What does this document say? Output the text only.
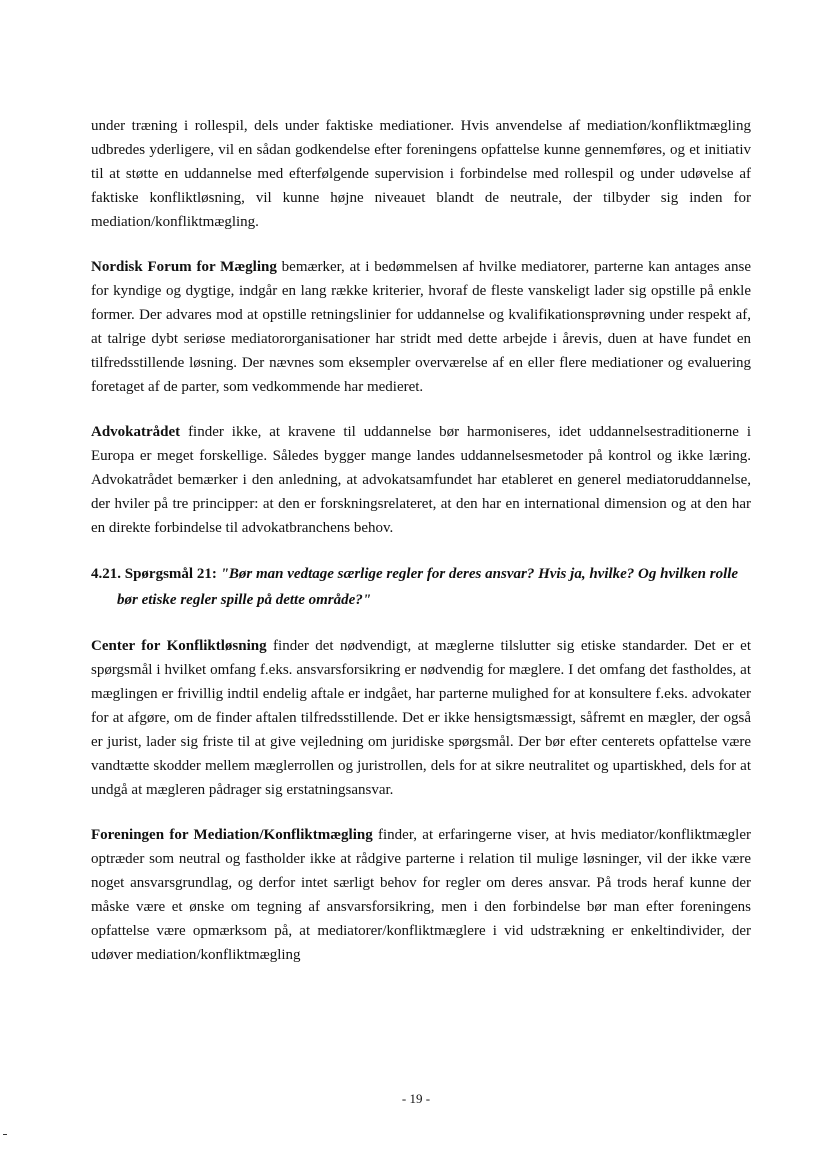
under træning i rollespil, dels under faktiske mediationer. Hvis anvendelse af mediation/konfliktmægling udbredes yderligere, vil en sådan godkendelse efter foreningens opfattelse kunne gennemføres, og et initiativ til at støtte en uddannelse med efterfølgende supervision i forbindelse med rollespil og under udøvelse af faktiske konfliktløsning, vil kunne højne niveauet blandt de neutrale, der tilbyder sig inden for mediation/konfliktmægling.

Nordisk Forum for Mægling bemærker, at i bedømmelsen af hvilke mediatorer, parterne kan antages anse for kyndige og dygtige, indgår en lang række kriterier, hvoraf de fleste vanskeligt lader sig opstille på enkle former. Der advares mod at opstille retningslinier for uddannelse og kvalifikationsprøvning under respekt af, at talrige dybt seriøse mediatororganisationer har stridt med dette arbejde i årevis, duen at have fundet en tilfredsstillende løsning. Der nævnes som eksempler overværelse af en eller flere mediationer og evaluering foretaget af de parter, som vedkommende har medieret.

Advokatrådet finder ikke, at kravene til uddannelse bør harmoniseres, idet uddannelsestraditionerne i Europa er meget forskellige. Således bygger mange landes uddannelsesmetoder på kontrol og ikke læring. Advokatrådet bemærker i den anledning, at advokatsamfundet har etableret en generel mediatoruddannelse, der hviler på tre principper: at den er forskningsrelateret, at den har en international dimension og at den har en direkte forbindelse til advokatbranchens behov.

4.21. Spørgsmål 21: "Bør man vedtage særlige regler for deres ansvar? Hvis ja, hvilke? Og hvilken rolle bør etiske regler spille på dette område?"

Center for Konfliktløsning finder det nødvendigt, at mæglerne tilslutter sig etiske standarder. Det er et spørgsmål i hvilket omfang f.eks. ansvarsforsikring er nødvendig for mæglere. I det omfang det fastholdes, at mæglingen er frivillig indtil endelig aftale er indgået, har parterne mulighed for at konsultere f.eks. advokater for at afgøre, om de finder aftalen tilfredsstillende. Det er ikke hensigtsmæssigt, såfremt en mægler, der også er jurist, lader sig friste til at give vejledning om juridiske spørgsmål. Der bør efter centerets opfattelse være vandtætte skodder mellem mæglerrollen og juristrollen, dels for at sikre neutralitet og upartiskhed, dels for at undgå at mægleren pådrager sig erstatningsansvar.

Foreningen for Mediation/Konfliktmægling finder, at erfaringerne viser, at hvis mediator/konfliktmægler optræder som neutral og fastholder ikke at rådgive parterne i relation til mulige løsninger, vil der ikke være noget ansvarsgrundlag, og derfor intet særligt behov for regler om deres ansvar. På trods heraf kunne der måske være et ønske om tegning af ansvarsforsikring, men i den forbindelse bør man efter foreningens opfattelse være opmærksom på, at mediatorer/konfliktmæglere i vid udstrækning er enkeltindivider, der udøver mediation/konfliktmægling

- 19 -
